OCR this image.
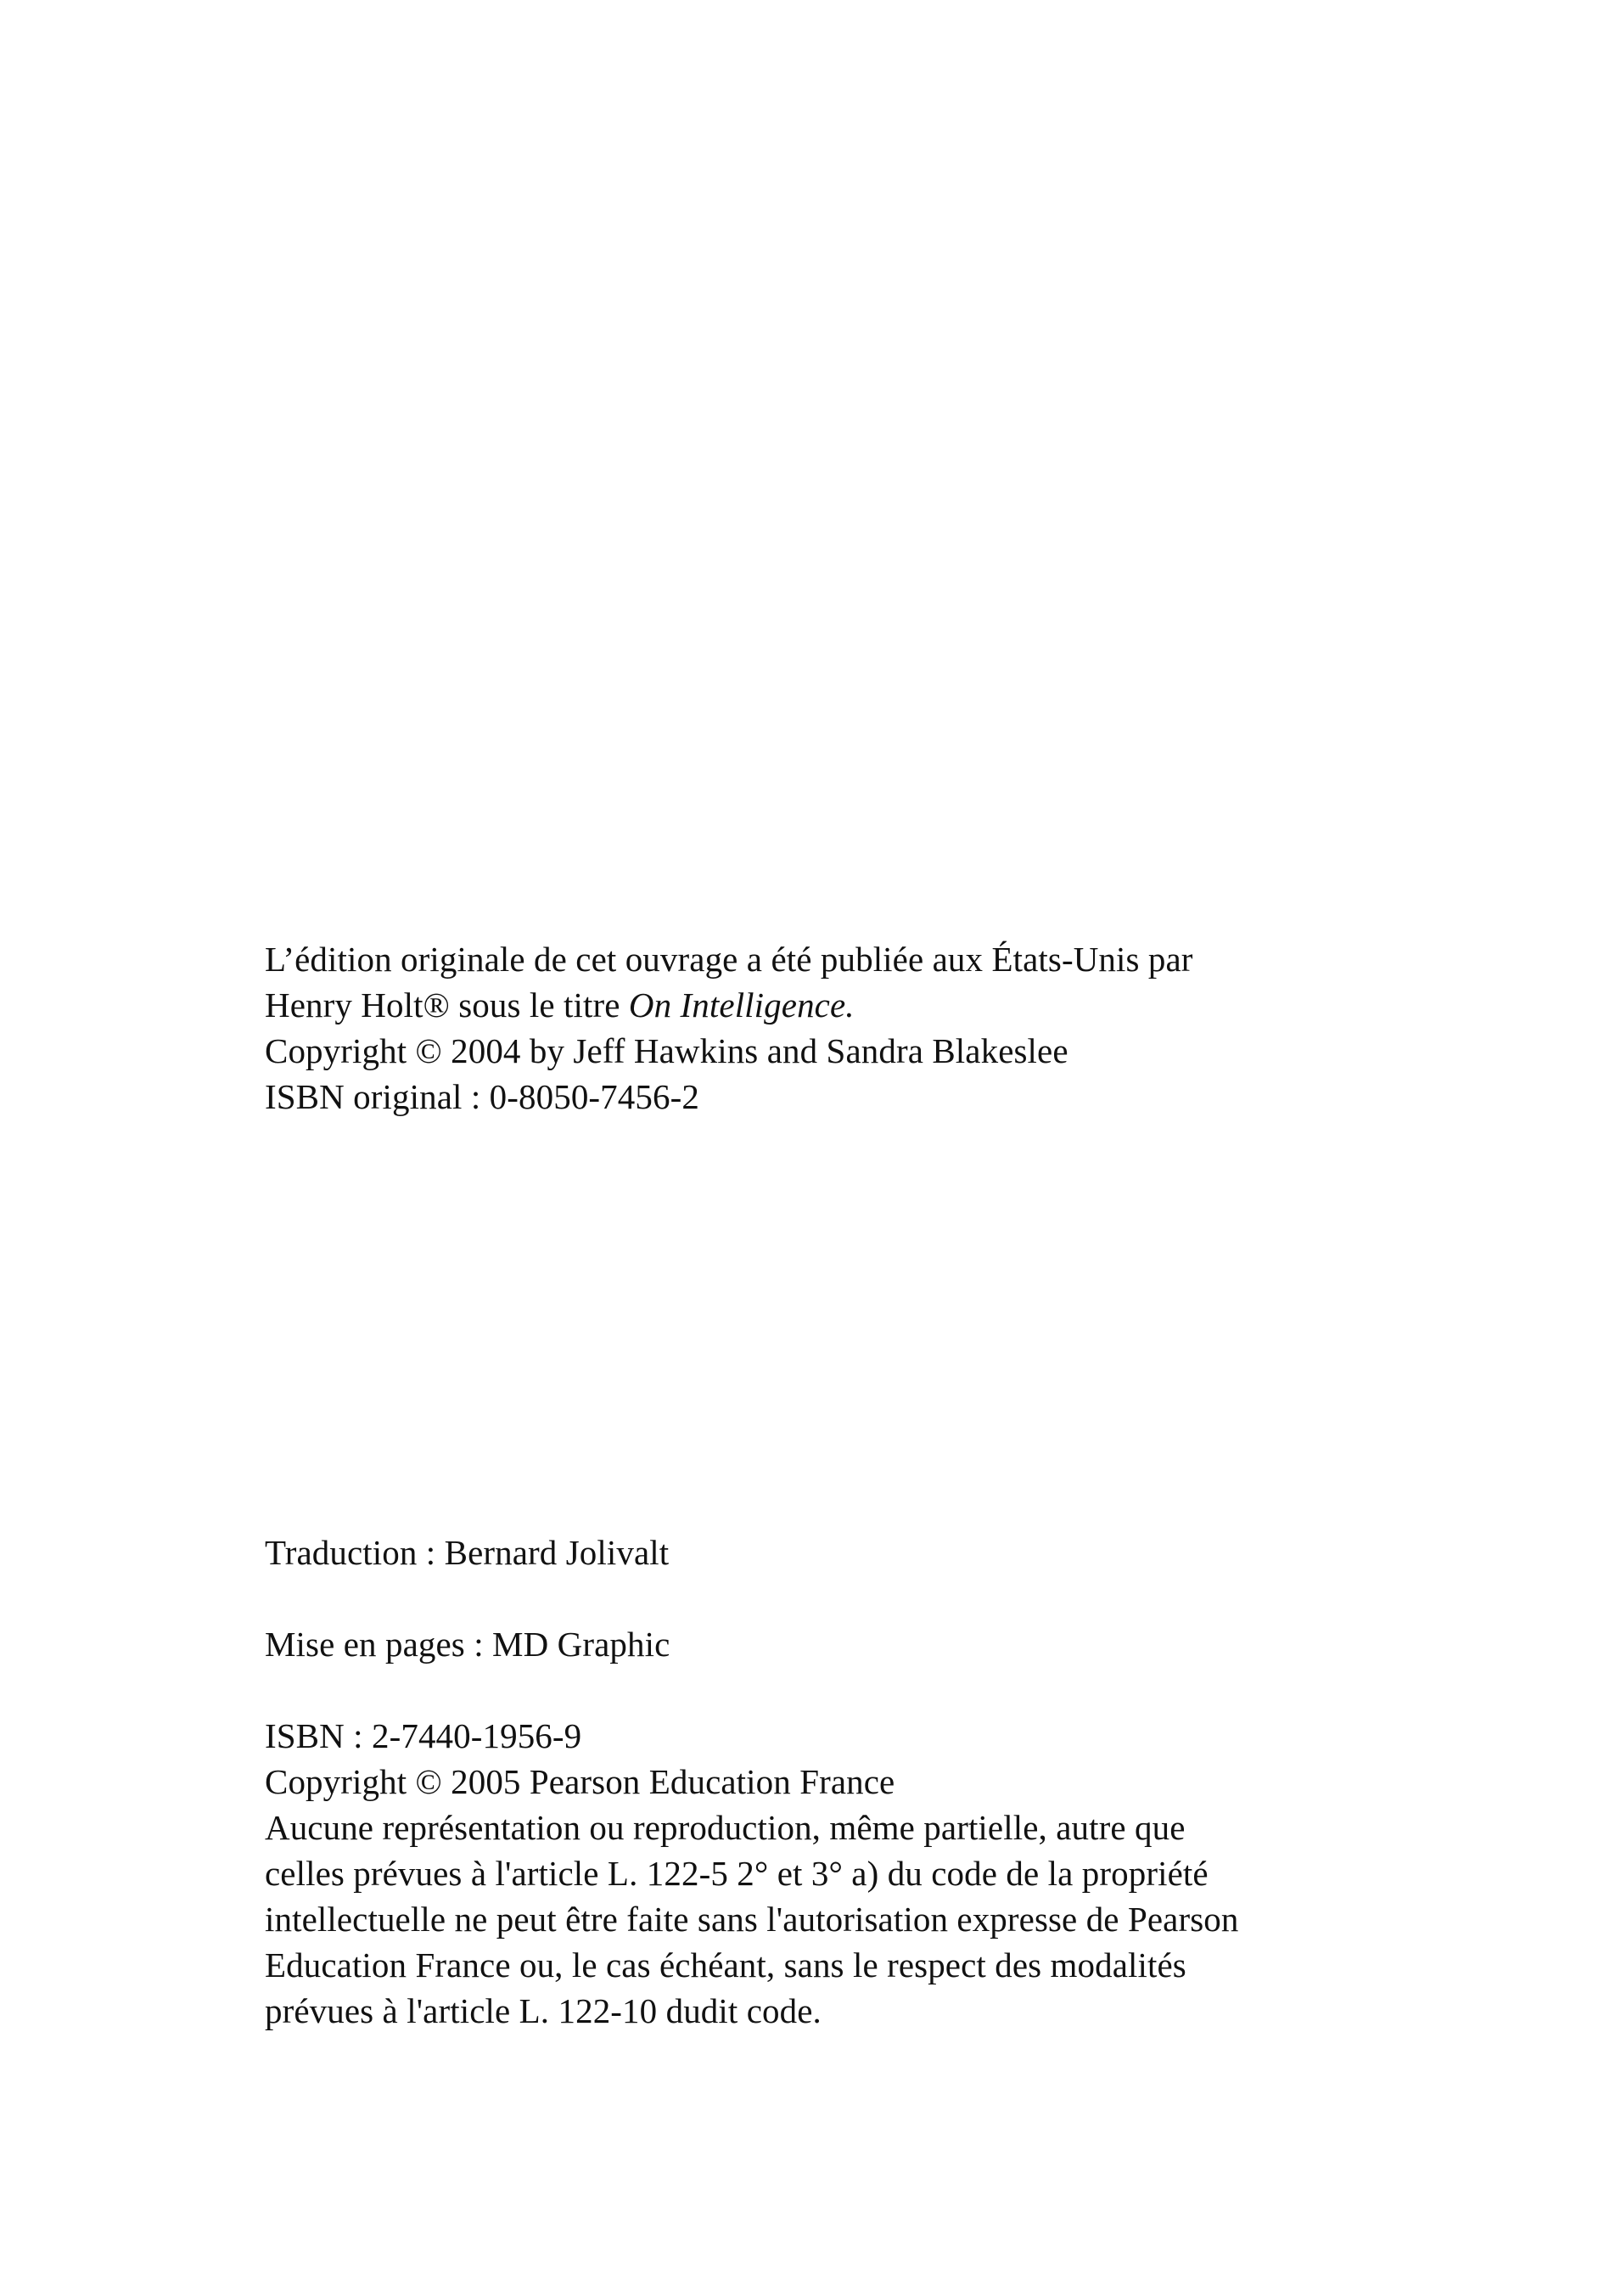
L’édition originale de cet ouvrage a été publiée aux États-Unis par
Henry Holt® sous le titre On Intelligence.
Copyright © 2004 by Jeff Hawkins and Sandra Blakeslee
ISBN original : 0-8050-7456-2
Traduction : Bernard Jolivalt
Mise en pages : MD Graphic
ISBN : 2-7440-1956-9
Copyright © 2005 Pearson Education France
Aucune représentation ou reproduction, même partielle, autre que
celles prévues à l'article L. 122-5 2° et 3° a) du code de la propriété
intellectuelle ne peut être faite sans l'autorisation expresse de Pearson
Education France ou, le cas échéant, sans le respect des modalités
prévues à l'article L. 122-10 dudit code.
